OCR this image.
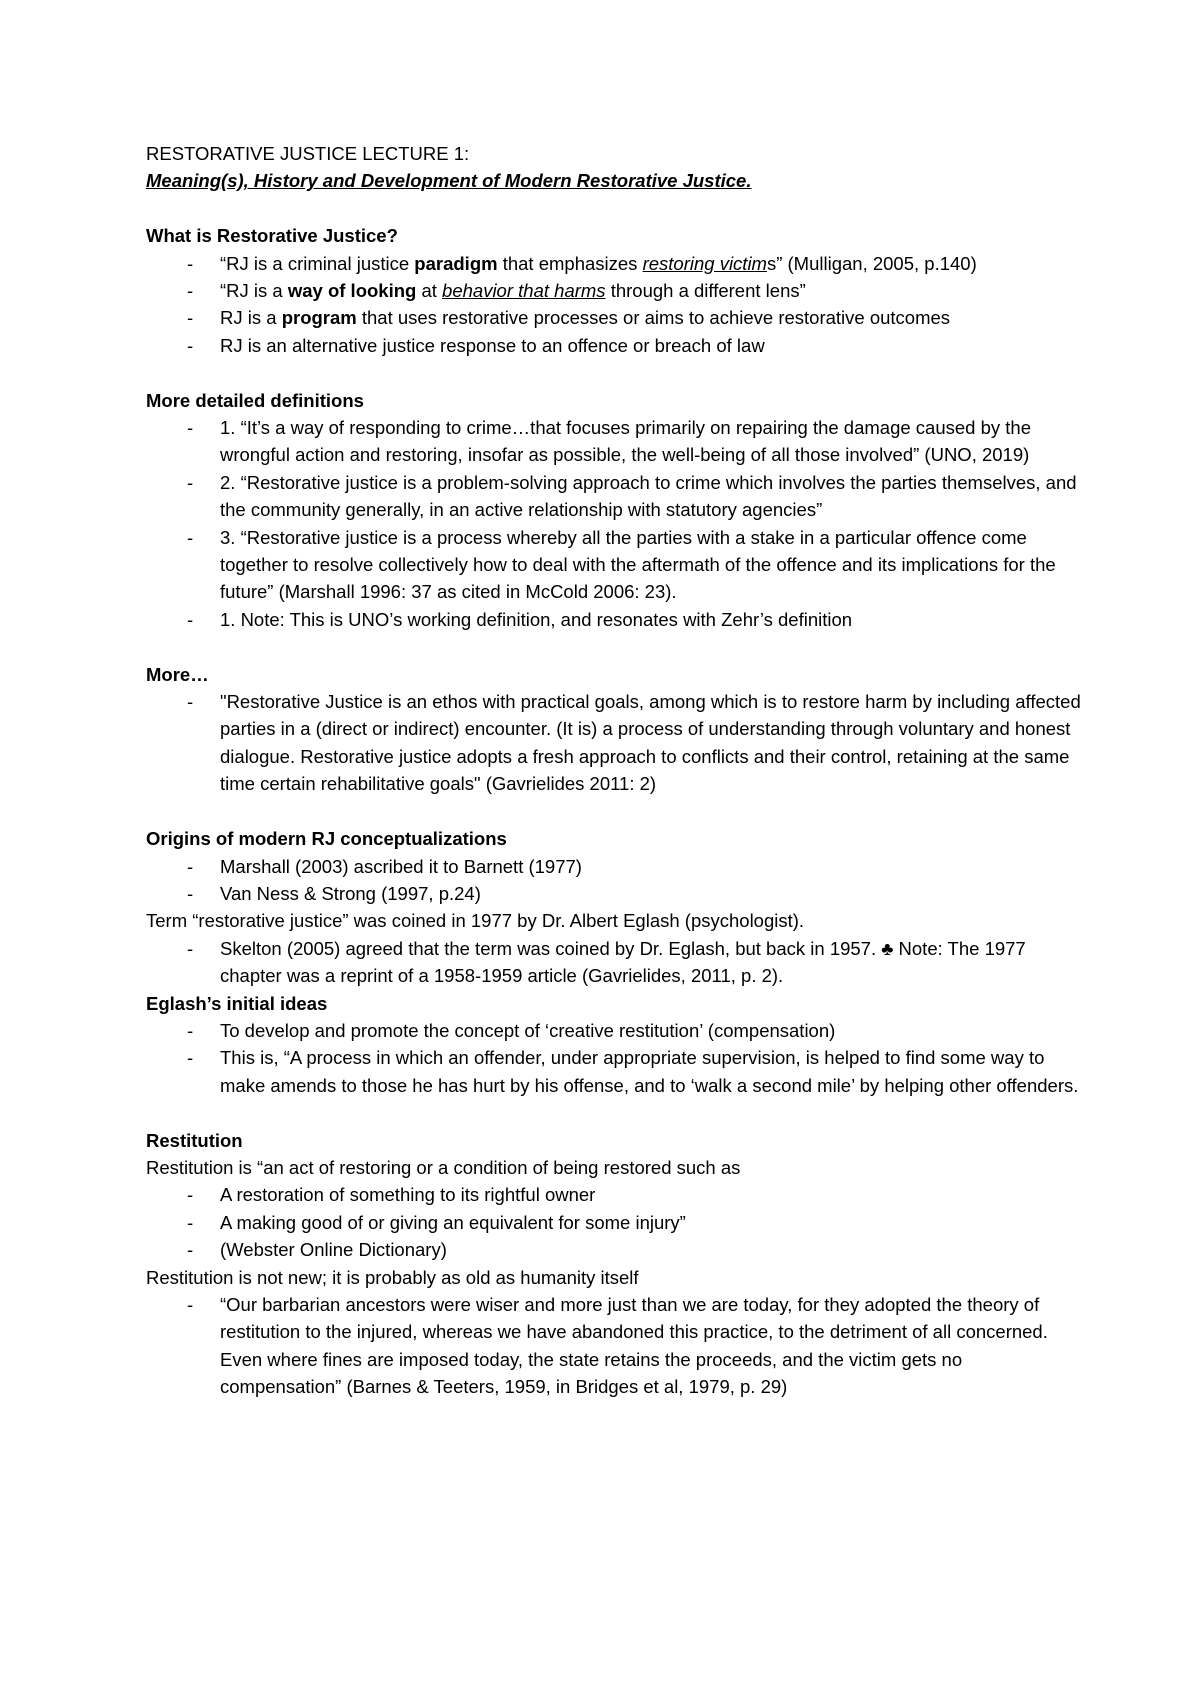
RESTORATIVE JUSTICE LECTURE 1:
Meaning(s), History and Development of Modern Restorative Justice.
What is Restorative Justice?
- “RJ is a criminal justice paradigm that emphasizes restoring victims” (Mulligan, 2005, p.140)
- “RJ is a way of looking at behavior that harms through a different lens”
- RJ is a program that uses restorative processes or aims to achieve restorative outcomes
- RJ is an alternative justice response to an offence or breach of law
More detailed definitions
- 1. “It’s a way of responding to crime…that focuses primarily on repairing the damage caused by the wrongful action and restoring, insofar as possible, the well-being of all those involved” (UNO, 2019)
- 2. “Restorative justice is a problem-solving approach to crime which involves the parties themselves, and the community generally, in an active relationship with statutory agencies”
- 3. “Restorative justice is a process whereby all the parties with a stake in a particular offence come together to resolve collectively how to deal with the aftermath of the offence and its implications for the future” (Marshall 1996: 37 as cited in McCold 2006: 23).
- 1. Note: This is UNO’s working definition, and resonates with Zehr’s definition
More…
- "Restorative Justice is an ethos with practical goals, among which is to restore harm by including affected parties in a (direct or indirect) encounter. (It is) a process of understanding through voluntary and honest dialogue. Restorative justice adopts a fresh approach to conflicts and their control, retaining at the same time certain rehabilitative goals" (Gavrielides 2011: 2)
Origins of modern RJ conceptualizations
- Marshall (2003) ascribed it to Barnett (1977)
- Van Ness & Strong (1997, p.24)
Term “restorative justice” was coined in 1977 by Dr. Albert Eglash (psychologist).
- Skelton (2005) agreed that the term was coined by Dr. Eglash, but back in 1957. ♣ Note: The 1977 chapter was a reprint of a 1958-1959 article (Gavrielides, 2011, p. 2).
Eglash’s initial ideas
- To develop and promote the concept of ‘creative restitution’ (compensation)
- This is, “A process in which an offender, under appropriate supervision, is helped to find some way to make amends to those he has hurt by his offense, and to ‘walk a second mile’ by helping other offenders.
Restitution
Restitution is “an act of restoring or a condition of being restored such as
- A restoration of something to its rightful owner
- A making good of or giving an equivalent for some injury”
- (Webster Online Dictionary)
Restitution is not new; it is probably as old as humanity itself
- “Our barbarian ancestors were wiser and more just than we are today, for they adopted the theory of restitution to the injured, whereas we have abandoned this practice, to the detriment of all concerned. Even where fines are imposed today, the state retains the proceeds, and the victim gets no compensation” (Barnes & Teeters, 1959, in Bridges et al, 1979, p. 29)
